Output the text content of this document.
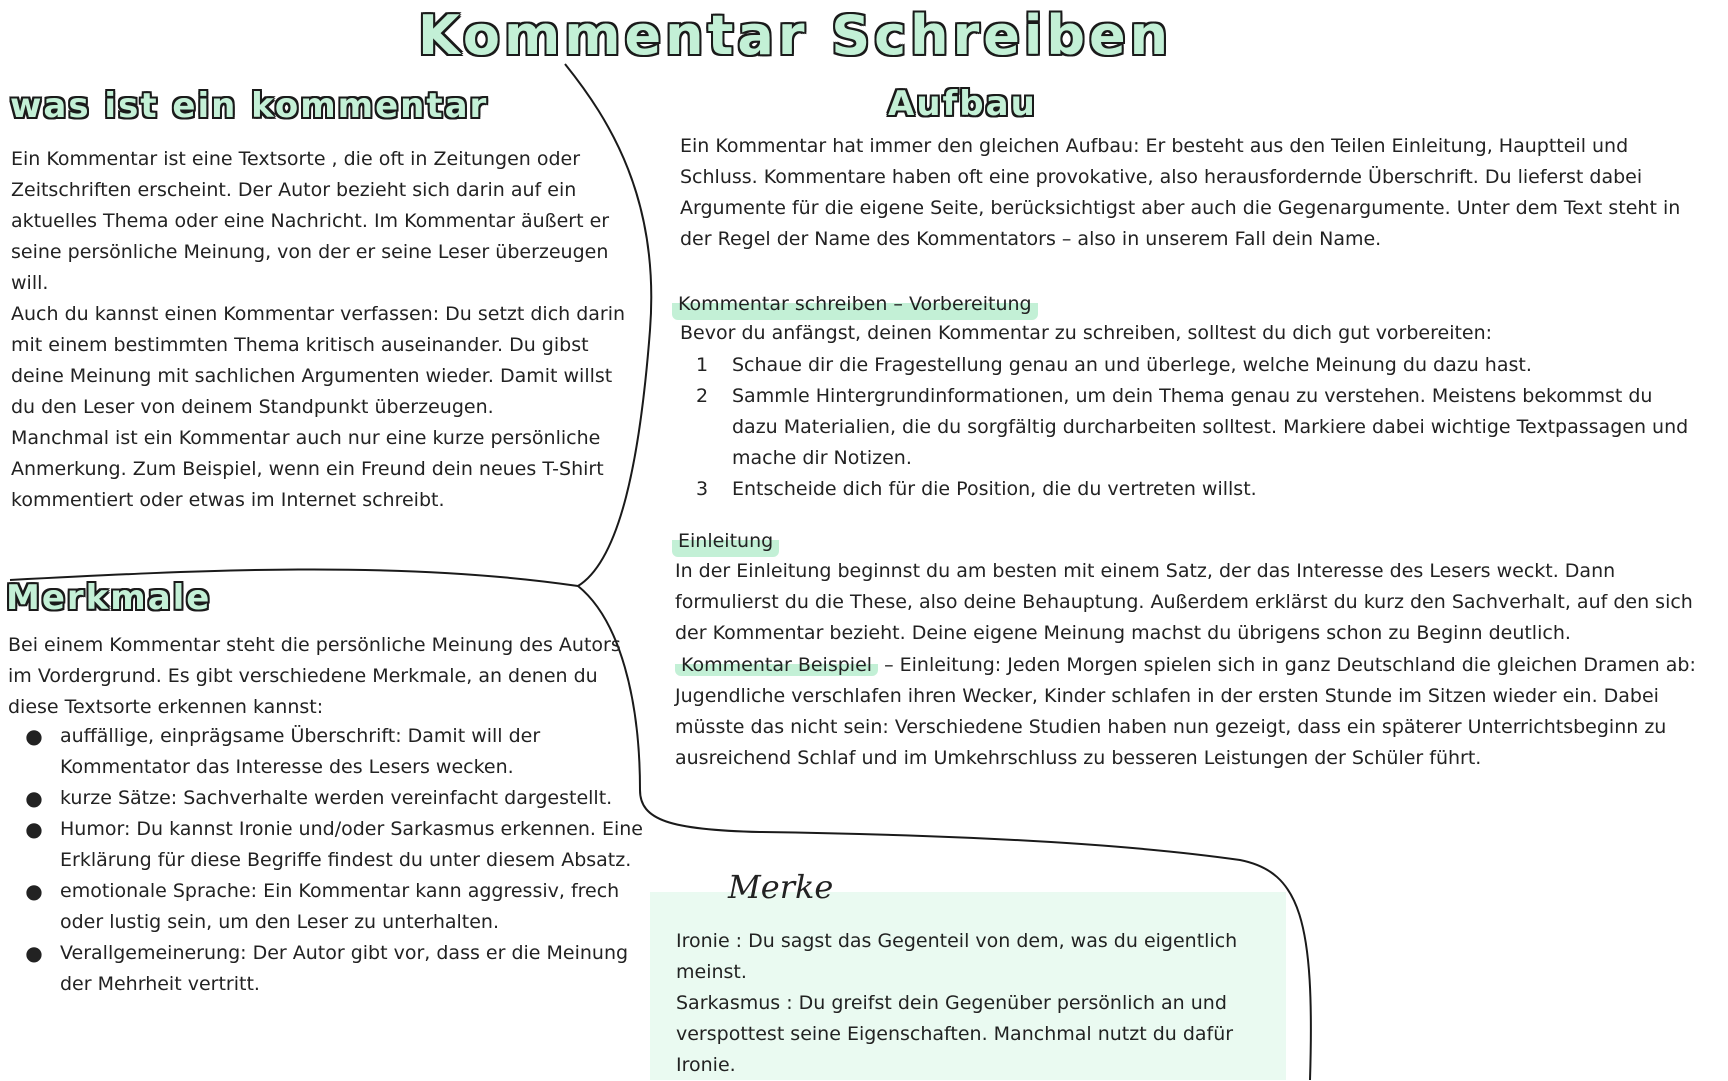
Kommentar Schreiben
was ist ein kommentar	Aufbau
Merkmale
Ein Kommentar ist eine Textsorte , die oft in Zeitungen oder Zeitschriften erscheint. Der Autor bezieht sich darin auf ein aktuelles Thema oder eine Nachricht. Im Kommentar äußert er seine persönliche Meinung, von der er seine Leser überzeugen will.
Auch du kannst einen Kommentar verfassen: Du setzt dich darin mit einem bestimmten Thema kritisch auseinander. Du gibst deine Meinung mit sachlichen Argumenten wieder. Damit willst du den Leser von deinem Standpunkt überzeugen.
Manchmal ist ein Kommentar auch nur eine kurze persönliche Anmerkung. Zum Beispiel, wenn ein Freund dein neues T-Shirt kommentiert oder etwas im Internet schreibt.

Ein Kommentar hat immer den gleichen Aufbau: Er besteht aus den Teilen Einleitung, Hauptteil und Schluss. Kommentare haben oft eine provokative, also herausfordernde Überschrift. Du lieferst dabei Argumente für die eigene Seite, berücksichtigst aber auch die Gegenargumente. Unter dem Text steht in der Regel der Name des Kommentators – also in unserem Fall dein Name.

Kommentar schreiben – Vorbereitung

Bevor du anfängst, deinen Kommentar zu schreiben, solltest du dich gut vorbereiten:

1	Schaue dir die Fragestellung genau an und überlege, welche Meinung du dazu hast.
2	Sammle Hintergrundinformationen, um dein Thema genau zu verstehen. Meistens bekommst du dazu Materialien, die du sorgfältig durcharbeiten solltest. Markiere dabei wichtige Textpassagen und mache dir Notizen.
3	Entscheide dich für die Position, die du vertreten willst.
Einleitung

In der Einleitung beginnst du am besten mit einem Satz, der das Interesse des Lesers weckt. Dann formulierst du die These, also deine Behauptung. Außerdem erklärst du kurz den Sachverhalt, auf den sich der Kommentar bezieht. Deine eigene Meinung machst du übrigens schon zu Beginn deutlich.

Kommentar Beispiel – Einleitung: Jeden Morgen spielen sich in ganz Deutschland die gleichen Dramen ab: Jugendliche verschlafen ihren Wecker, Kinder schlafen in der ersten Stunde im Sitzen wieder ein. Dabei müsste das nicht sein: Verschiedene Studien haben nun gezeigt, dass ein späterer Unterrichtsbeginn zu ausreichend Schlaf und im Umkehrschluss zu besseren Leistungen der Schüler führt.

Bei einem Kommentar steht die persönliche Meinung des Autors im Vordergrund. Es gibt verschiedene Merkmale, an denen du diese Textsorte erkennen kannst:

● auffällige, einprägsame Überschrift: Damit will der Kommentator das Interesse des Lesers wecken.
● kurze Sätze: Sachverhalte werden vereinfacht dargestellt.
● Humor: Du kannst Ironie und/oder Sarkasmus erkennen. Eine Erklärung für diese Begriffe findest du unter diesem Absatz.
● emotionale Sprache: Ein Kommentar kann aggressiv, frech oder lustig sein, um den Leser zu unterhalten.
● Verallgemeinerung: Der Autor gibt vor, dass er die Meinung der Mehrheit vertritt.
Merke
Ironie : Du sagst das Gegenteil von dem, was du eigentlich meinst.
Sarkasmus : Du greifst dein Gegenüber persönlich an und verspottest seine Eigenschaften. Manchmal nutzt du dafür Ironie.
